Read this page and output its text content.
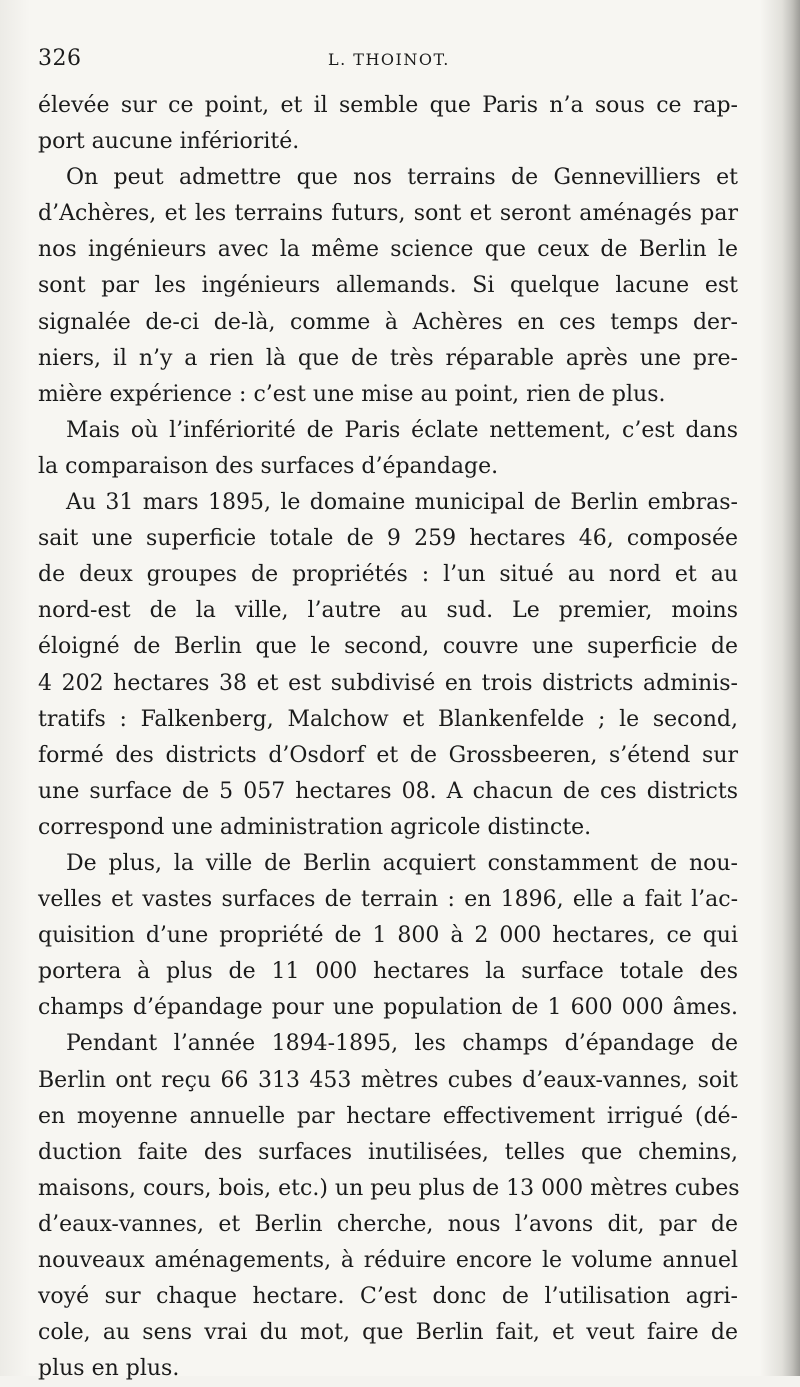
326	L. THOINOT.
élevée sur ce point, et il semble que Paris n’a sous ce rap-
port aucune infériorité.
On peut admettre que nos terrains de Gennevilliers et
d’Achères, et les terrains futurs, sont et seront aménagés par
nos ingénieurs avec la même science que ceux de Berlin le
sont par les ingénieurs allemands. Si quelque lacune est
signalée de-ci de-là, comme à Achères en ces temps der-
niers, il n’y a rien là que de très réparable après une pre-
mière expérience : c’est une mise au point, rien de plus.
Mais où l’infériorité de Paris éclate nettement, c’est dans
la comparaison des surfaces d’épandage.
Au 31 mars 1895, le domaine municipal de Berlin embras-
sait une superficie totale de 9 259 hectares 46, composée
de deux groupes de propriétés : l’un situé au nord et au
nord-est de la ville, l’autre au sud. Le premier, moins
éloigné de Berlin que le second, couvre une superficie de
4 202 hectares 38 et est subdivisé en trois districts adminis-
tratifs : Falkenberg, Malchow et Blankenfelde ; le second,
formé des districts d’Osdorf et de Grossbeeren, s’étend sur
une surface de 5 057 hectares 08. A chacun de ces districts
correspond une administration agricole distincte.
De plus, la ville de Berlin acquiert constamment de nou-
velles et vastes surfaces de terrain : en 1896, elle a fait l’ac-
quisition d’une propriété de 1 800 à 2 000 hectares, ce qui
portera à plus de 11 000 hectares la surface totale des
champs d’épandage pour une population de 1 600 000 âmes.
Pendant l’année 1894-1895, les champs d’épandage de
Berlin ont reçu 66 313 453 mètres cubes d’eaux-vannes, soit
en moyenne annuelle par hectare effectivement irrigué (dé-
duction faite des surfaces inutilisées, telles que chemins,
maisons, cours, bois, etc.) un peu plus de 13 000 mètres cubes
d’eaux-vannes, et Berlin cherche, nous l’avons dit, par de
nouveaux aménagements, à réduire encore le volume annuel
voyé sur chaque hectare. C’est donc de l’utilisation agri-
cole, au sens vrai du mot, que Berlin fait, et veut faire de
plus en plus.
